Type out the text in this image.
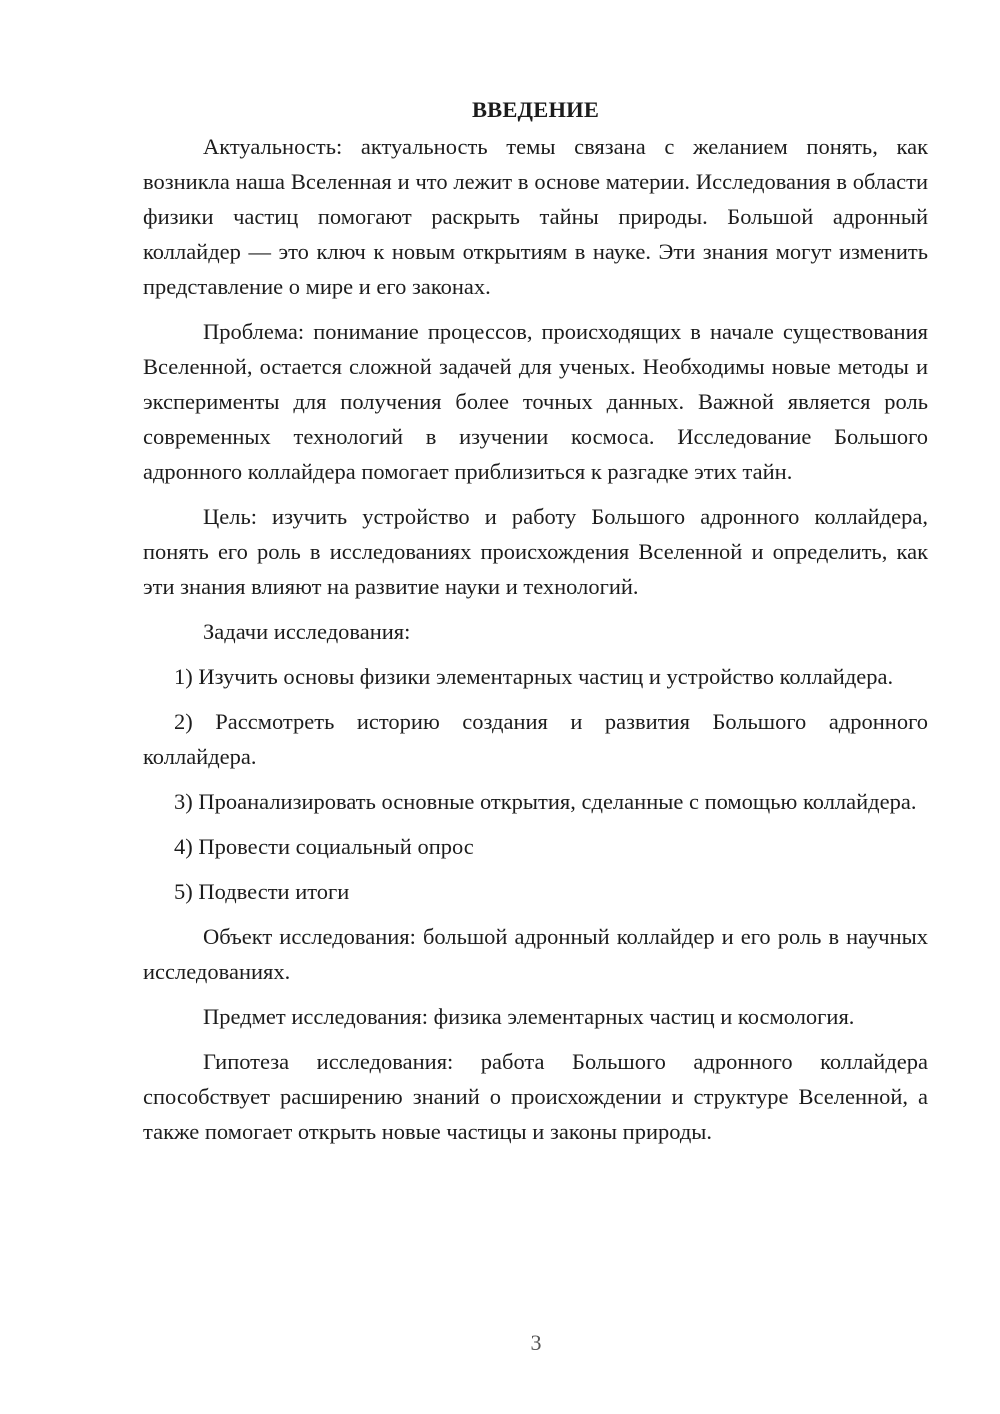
ВВЕДЕНИЕ

Актуальность: актуальность темы связана с желанием понять, как возникла наша Вселенная и что лежит в основе материи. Исследования в области физики частиц помогают раскрыть тайны природы. Большой адронный коллайдер — это ключ к новым открытиям в науке. Эти знания могут изменить представление о мире и его законах.

Проблема: понимание процессов, происходящих в начале существования Вселенной, остается сложной задачей для ученых. Необходимы новые методы и эксперименты для получения более точных данных. Важной является роль современных технологий в изучении космоса. Исследование Большого адронного коллайдера помогает приблизиться к разгадке этих тайн.

Цель: изучить устройство и работу Большого адронного коллайдера, понять его роль в исследованиях происхождения Вселенной и определить, как эти знания влияют на развитие науки и технологий.

Задачи исследования:

1) Изучить основы физики элементарных частиц и устройство коллайдера.

2) Рассмотреть историю создания и развития Большого адронного коллайдера.

3) Проанализировать основные открытия, сделанные с помощью коллайдера.

4) Провести социальный опрос

5) Подвести итоги

Объект исследования: большой адронный коллайдер и его роль в научных исследованиях.

Предмет исследования: физика элементарных частиц и космология.

Гипотеза исследования: работа Большого адронного коллайдера способствует расширению знаний о происхождении и структуре Вселенной, а также помогает открыть новые частицы и законы природы.

3
